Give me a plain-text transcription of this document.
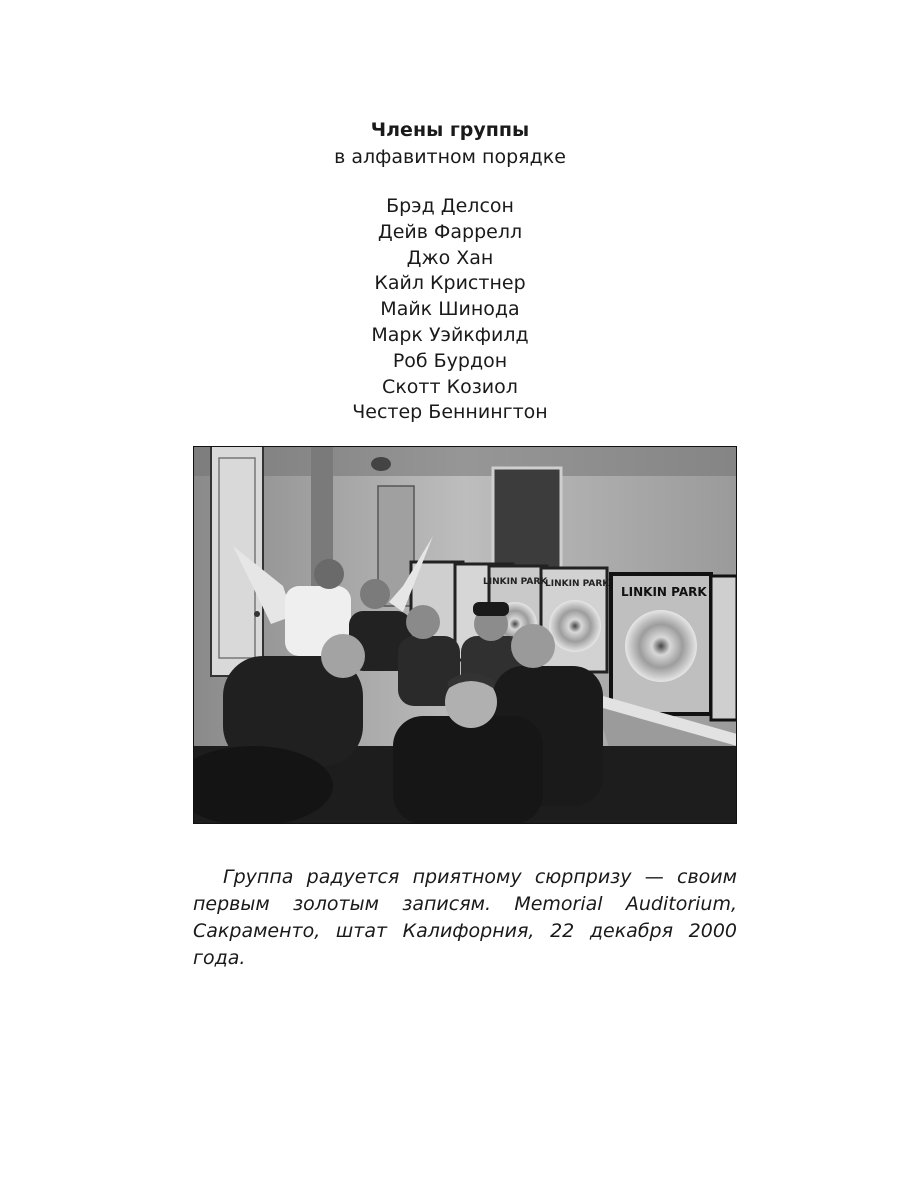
Члены группы
в алфавитном порядке
Брэд Делсон
Дейв Фаррелл
Джо Хан
Кайл Кристнер
Майк Шинода
Марк Уэйкфилд
Роб Бурдон
Скотт Козиол
Честер Беннингтон
LINKIN PARK
LINKIN PARK
LINKIN PARK

Группа радуется приятному сюрпризу — своим первым золотым записям. Memorial Auditorium, Сакраменто, штат Калифорния, 22 декабря 2000 года.
